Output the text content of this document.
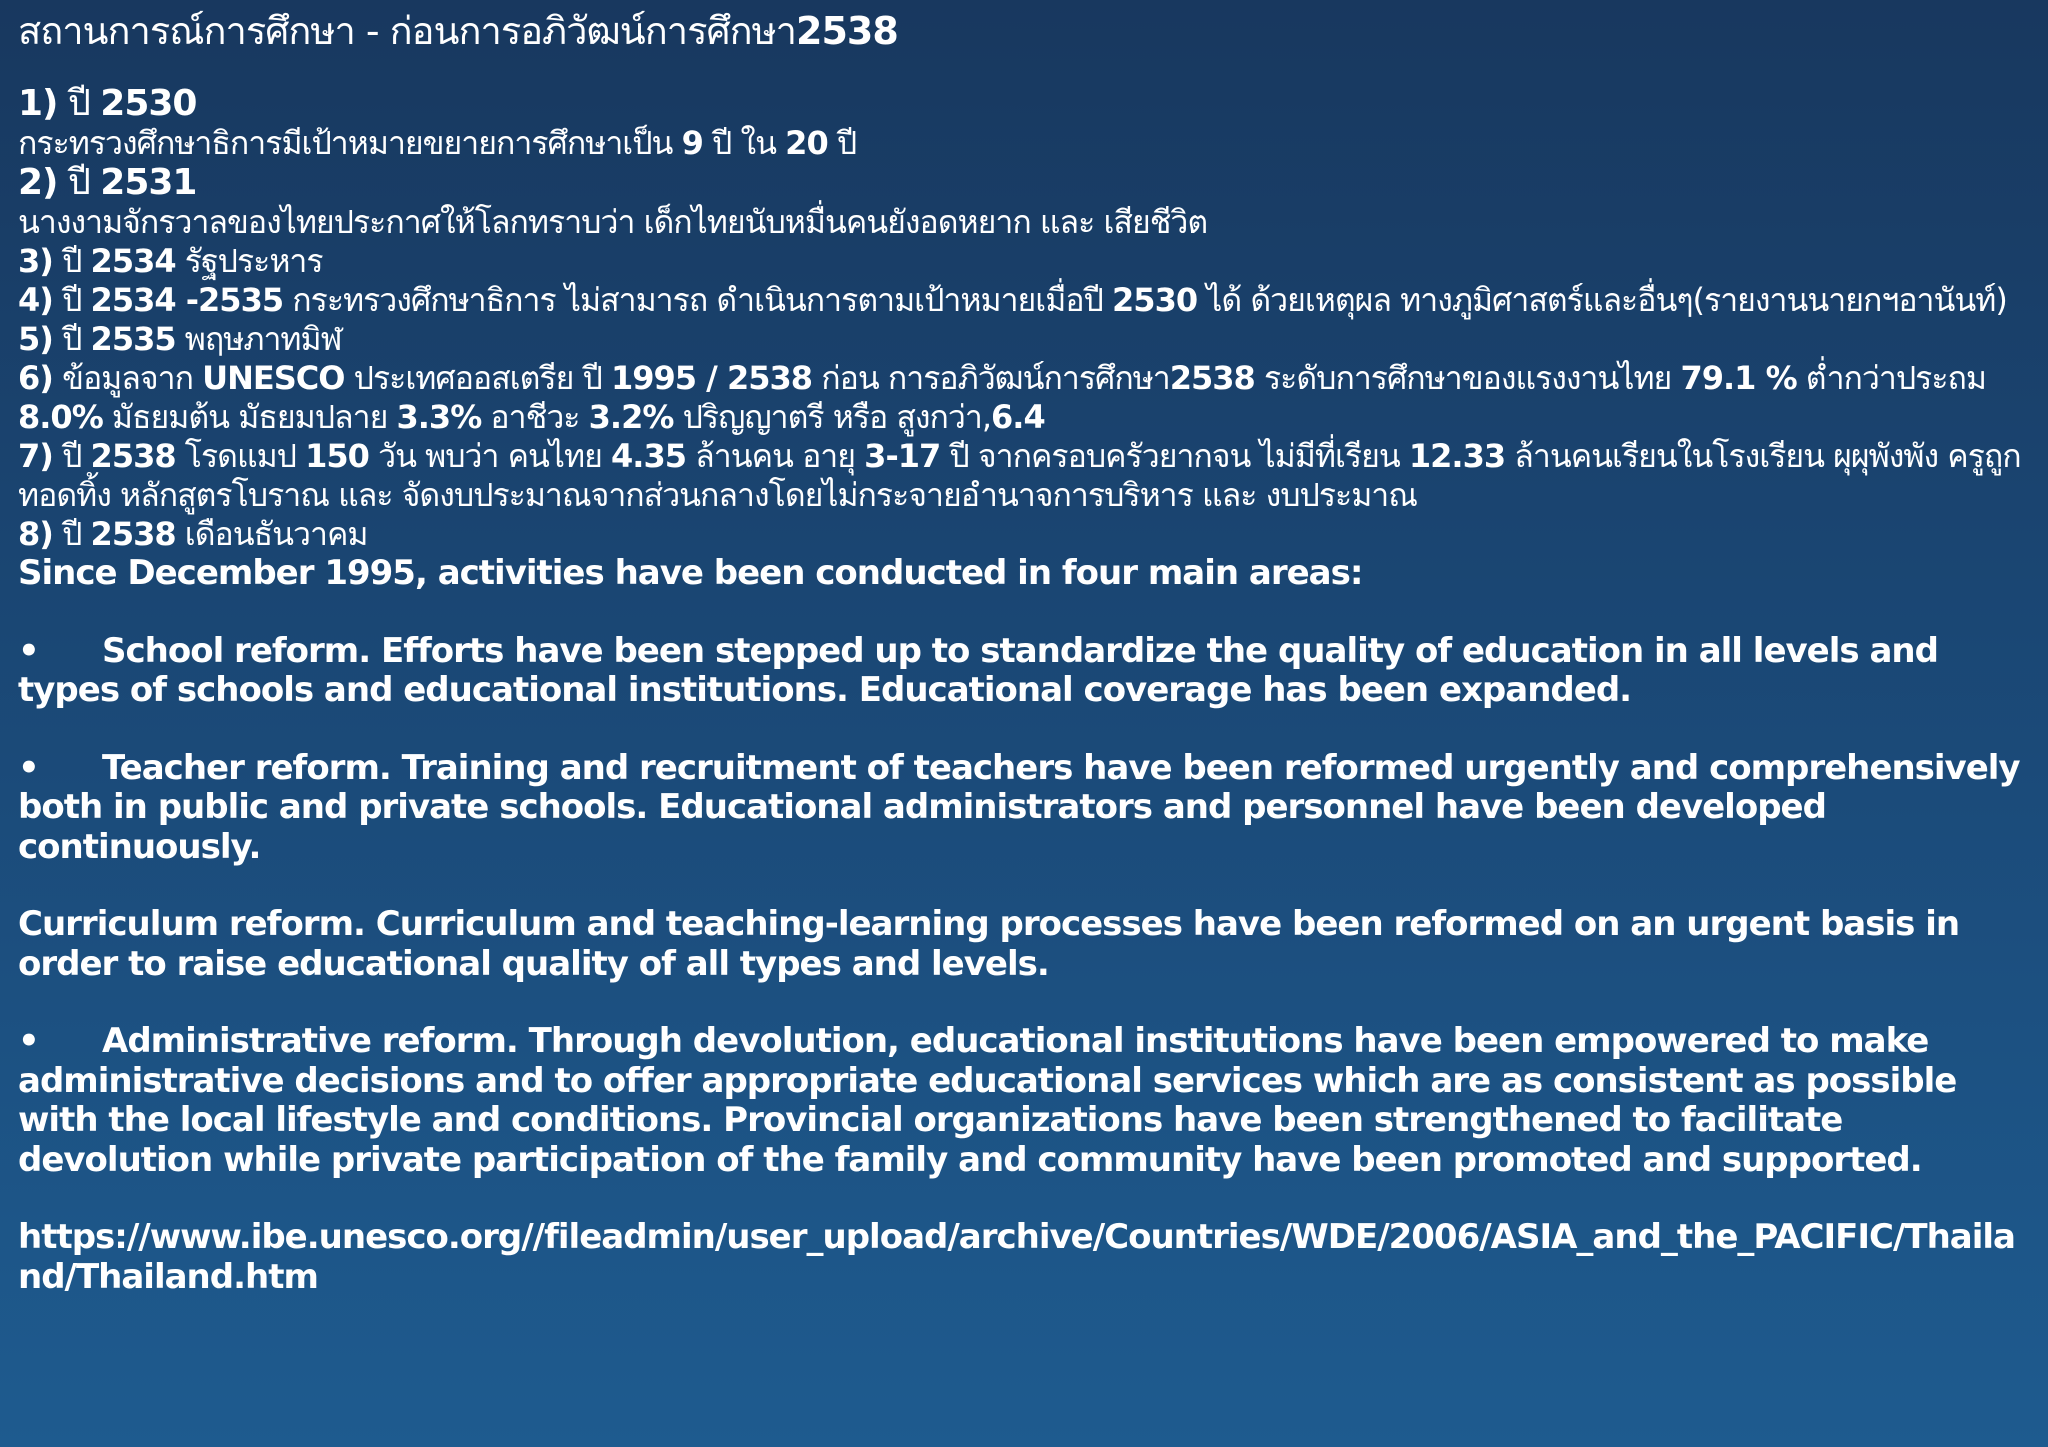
สถานการณ์การศึกษา - ก่อนการอภิวัฒน์การศึกษา2538
1) ปี 2530
กระทรวงศึกษาธิการมีเป้าหมายขยายการศึกษาเป็น 9 ปี ใน 20 ปี
2) ปี 2531
นางงามจักรวาลของไทยประกาศให้โลกทราบว่า เด็กไทยนับหมื่นคนยังอดหยาก และ เสียชีวิต
3) ปี 2534 รัฐประหาร
4) ปี 2534 -2535 กระทรวงศึกษาธิการ ไม่สามารถ ดำเนินการตามเป้าหมายเมื่อปี 2530 ได้ ด้วยเหตุผล ทางภูมิศาสตร์และอื่นๆ(รายงานนายกฯอานันท์)
5) ปี 2535 พฤษภาทมิฬ
6) ข้อมูลจาก UNESCO ประเทศออสเตรีย ปี 1995 / 2538 ก่อน การอภิวัฒน์การศึกษา2538 ระดับการศึกษาของแรงงานไทย 79.1 % ต่ำกว่าประถม 8.0% มัธยมต้น มัธยมปลาย 3.3% อาชีวะ 3.2% ปริญญาตรี หรือ สูงกว่า,6.4
7) ปี 2538 โรดแมป 150 วัน พบว่า คนไทย 4.35 ล้านคน อายุ 3-17 ปี จากครอบครัวยากจน ไม่มีที่เรียน 12.33 ล้านคนเรียนในโรงเรียน ผุผุพังพัง ครูถูกทอดทิ้ง หลักสูตรโบราณ และ จัดงบประมาณจากส่วนกลางโดยไม่กระจายอำนาจการบริหาร และ งบประมาณ
8) ปี 2538 เดือนธันวาคม
Since December 1995, activities have been conducted in four main areas:
• School reform. Efforts have been stepped up to standardize the quality of education in all levels and types of schools and educational institutions. Educational coverage has been expanded.
• Teacher reform. Training and recruitment of teachers have been reformed urgently and comprehensively both in public and private schools. Educational administrators and personnel have been developed continuously.
Curriculum reform. Curriculum and teaching-learning processes have been reformed on an urgent basis in order to raise educational quality of all types and levels.
• Administrative reform. Through devolution, educational institutions have been empowered to make administrative decisions and to offer appropriate educational services which are as consistent as possible with the local lifestyle and conditions. Provincial organizations have been strengthened to facilitate devolution while private participation of the family and community have been promoted and supported.
https://www.ibe.unesco.org//fileadmin/user_upload/archive/Countries/WDE/2006/ASIA_and_the_PACIFIC/Thailand/Thailand.htm
